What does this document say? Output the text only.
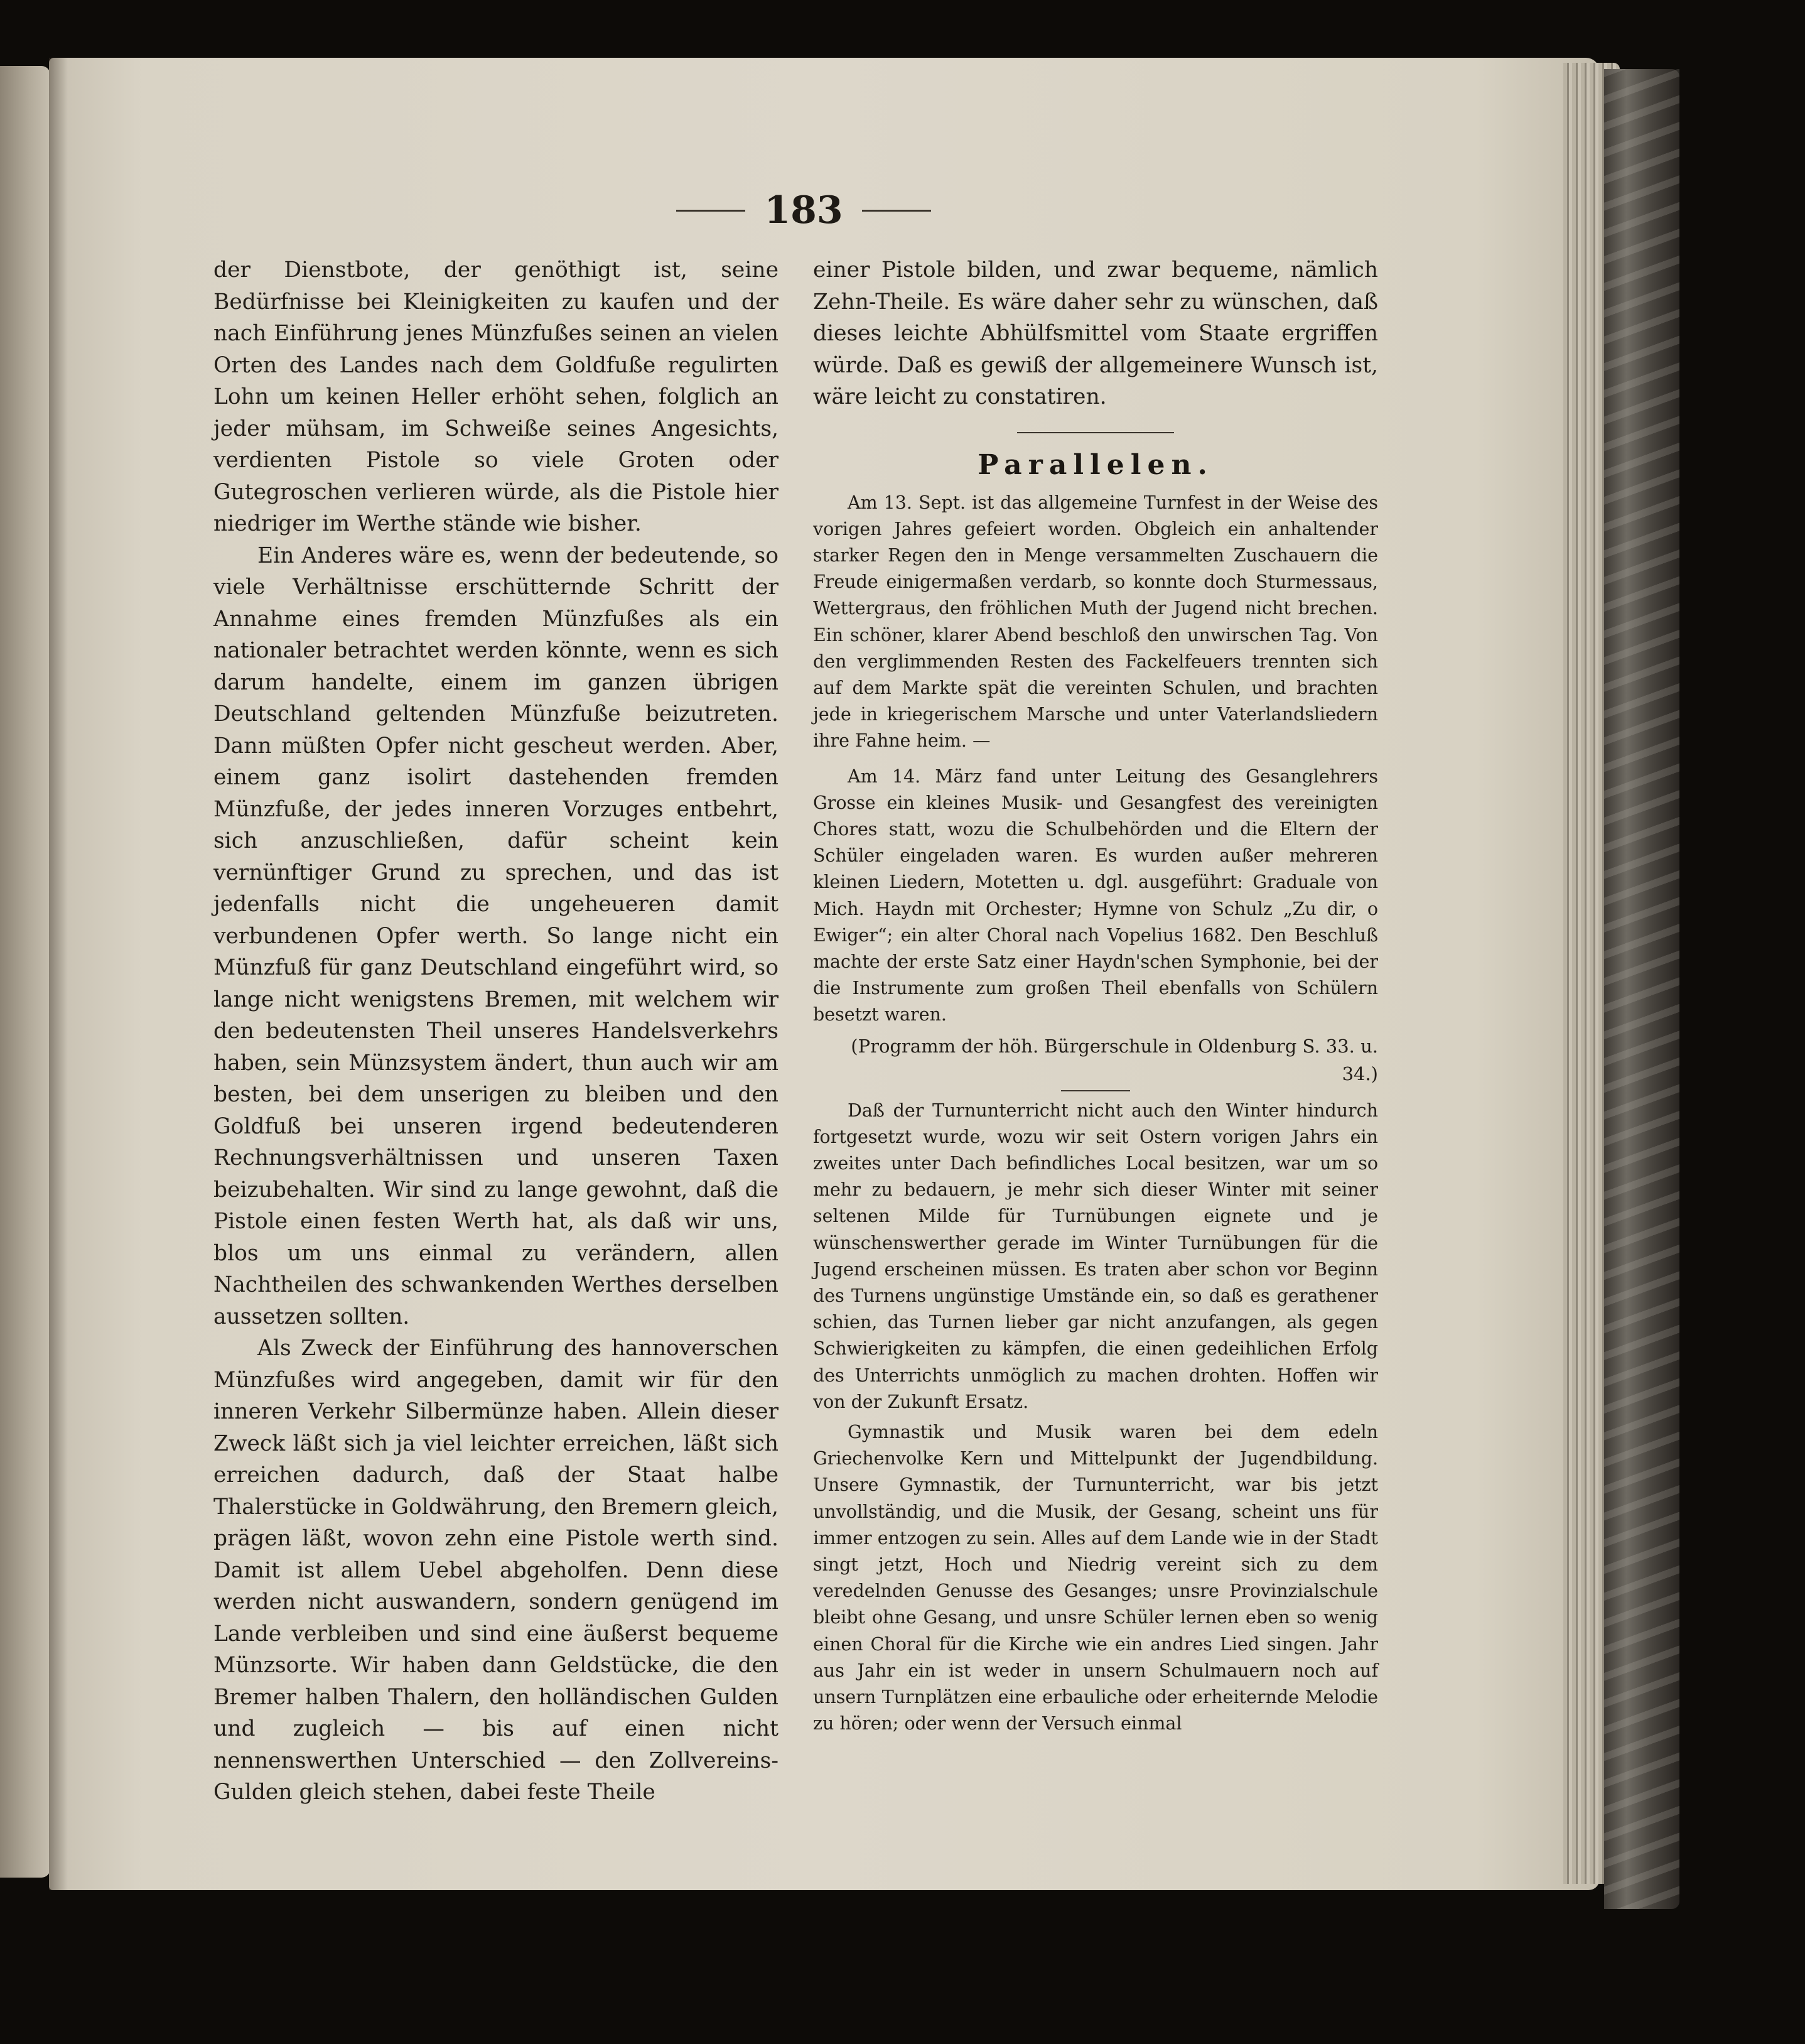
183

der Dienstbote, der genöthigt ist, seine Bedürfnisse bei Kleinigkeiten zu kaufen und der nach Einführung jenes Münzfußes seinen an vielen Orten des Landes nach dem Goldfuße regulirten Lohn um keinen Heller erhöht sehen, folglich an jeder mühsam, im Schweiße seines Angesichts, verdienten Pistole so viele Groten oder Gutegroschen verlieren würde, als die Pistole hier niedriger im Werthe stände wie bisher.

Ein Anderes wäre es, wenn der bedeutende, so viele Verhältnisse erschütternde Schritt der Annahme eines fremden Münzfußes als ein nationaler betrachtet werden könnte, wenn es sich darum handelte, einem im ganzen übrigen Deutschland geltenden Münzfuße beizutreten. Dann müßten Opfer nicht gescheut werden. Aber, einem ganz isolirt dastehenden fremden Münzfuße, der jedes inneren Vorzuges entbehrt, sich anzuschließen, dafür scheint kein vernünftiger Grund zu sprechen, und das ist jedenfalls nicht die ungeheueren damit verbundenen Opfer werth. So lange nicht ein Münzfuß für ganz Deutschland eingeführt wird, so lange nicht wenigstens Bremen, mit welchem wir den bedeutensten Theil unseres Handelsverkehrs haben, sein Münzsystem ändert, thun auch wir am besten, bei dem unserigen zu bleiben und den Goldfuß bei unseren irgend bedeutenderen Rechnungsverhältnissen und unseren Taxen beizubehalten. Wir sind zu lange gewohnt, daß die Pistole einen festen Werth hat, als daß wir uns, blos um uns einmal zu verändern, allen Nachtheilen des schwankenden Werthes derselben aussetzen sollten.

Als Zweck der Einführung des hannoverschen Münzfußes wird angegeben, damit wir für den inneren Verkehr Silbermünze haben. Allein dieser Zweck läßt sich ja viel leichter erreichen, läßt sich erreichen dadurch, daß der Staat halbe Thalerstücke in Goldwährung, den Bremern gleich, prägen läßt, wovon zehn eine Pistole werth sind. Damit ist allem Uebel abgeholfen. Denn diese werden nicht auswandern, sondern genügend im Lande verbleiben und sind eine äußerst bequeme Münzsorte. Wir haben dann Geldstücke, die den Bremer halben Thalern, den holländischen Gulden und zugleich — bis auf einen nicht nennenswerthen Unterschied — den Zollvereins-Gulden gleich stehen, dabei feste Theile

einer Pistole bilden, und zwar bequeme, nämlich Zehn-Theile. Es wäre daher sehr zu wünschen, daß dieses leichte Abhülfsmittel vom Staate ergriffen würde. Daß es gewiß der allgemeinere Wunsch ist, wäre leicht zu constatiren.

Parallelen.

Am 13. Sept. ist das allgemeine Turnfest in der Weise des vorigen Jahres gefeiert worden. Obgleich ein anhaltender starker Regen den in Menge versammelten Zuschauern die Freude einigermaßen verdarb, so konnte doch Sturmessaus, Wettergraus, den fröhlichen Muth der Jugend nicht brechen. Ein schöner, klarer Abend beschloß den unwirschen Tag. Von den verglimmenden Resten des Fackelfeuers trennten sich auf dem Markte spät die vereinten Schulen, und brachten jede in kriegerischem Marsche und unter Vaterlandsliedern ihre Fahne heim. —

Am 14. März fand unter Leitung des Gesanglehrers Grosse ein kleines Musik- und Gesangfest des vereinigten Chores statt, wozu die Schulbehörden und die Eltern der Schüler eingeladen waren. Es wurden außer mehreren kleinen Liedern, Motetten u. dgl. ausgeführt: Graduale von Mich. Haydn mit Orchester; Hymne von Schulz „Zu dir, o Ewiger“; ein alter Choral nach Vopelius 1682. Den Beschluß machte der erste Satz einer Haydn'schen Symphonie, bei der die Instrumente zum großen Theil ebenfalls von Schülern besetzt waren.

(Programm der höh. Bürgerschule in Oldenburg S. 33. u. 34.)

Daß der Turnunterricht nicht auch den Winter hindurch fortgesetzt wurde, wozu wir seit Ostern vorigen Jahrs ein zweites unter Dach befindliches Local besitzen, war um so mehr zu bedauern, je mehr sich dieser Winter mit seiner seltenen Milde für Turnübungen eignete und je wünschenswerther gerade im Winter Turnübungen für die Jugend erscheinen müssen. Es traten aber schon vor Beginn des Turnens ungünstige Umstände ein, so daß es gerathener schien, das Turnen lieber gar nicht anzufangen, als gegen Schwierigkeiten zu kämpfen, die einen gedeihlichen Erfolg des Unterrichts unmöglich zu machen drohten. Hoffen wir von der Zukunft Ersatz.

Gymnastik und Musik waren bei dem edeln Griechenvolke Kern und Mittelpunkt der Jugendbildung. Unsere Gymnastik, der Turnunterricht, war bis jetzt unvollständig, und die Musik, der Gesang, scheint uns für immer entzogen zu sein. Alles auf dem Lande wie in der Stadt singt jetzt, Hoch und Niedrig vereint sich zu dem veredelnden Genusse des Gesanges; unsre Provinzialschule bleibt ohne Gesang, und unsre Schüler lernen eben so wenig einen Choral für die Kirche wie ein andres Lied singen. Jahr aus Jahr ein ist weder in unsern Schulmauern noch auf unsern Turnplätzen eine erbauliche oder erheiternde Melodie zu hören; oder wenn der Versuch einmal
